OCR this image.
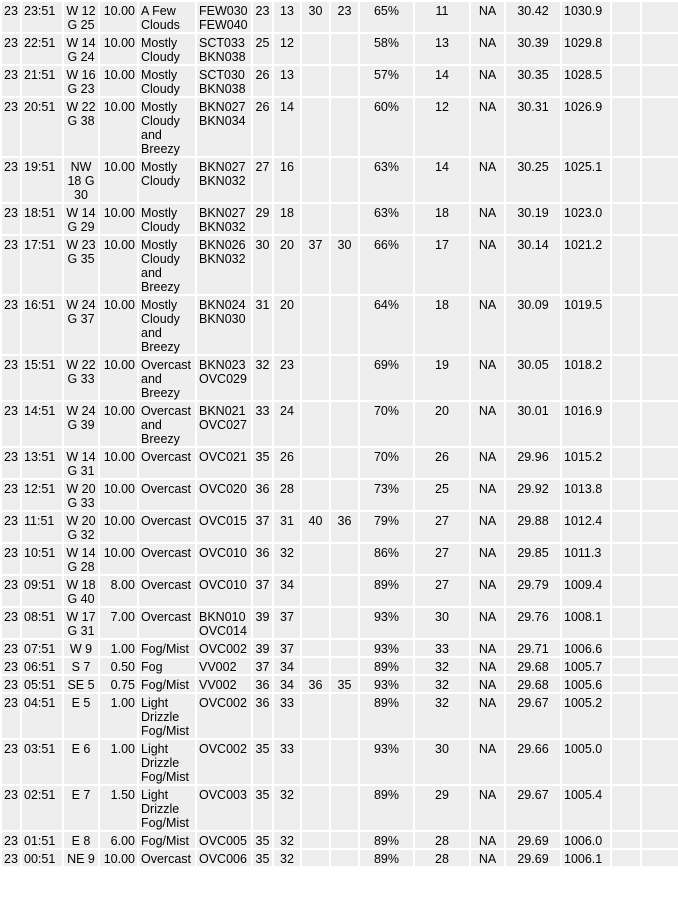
23	23:51	W 12 G 25	10.00	A Few Clouds	FEW030 FEW040	23	13	30	23	65%	11	NA	30.42	1030.9		
23	22:51	W 14 G 24	10.00	Mostly Cloudy	SCT033 BKN038	25	12			58%	13	NA	30.39	1029.8		
23	21:51	W 16 G 23	10.00	Mostly Cloudy	SCT030 BKN038	26	13			57%	14	NA	30.35	1028.5		
23	20:51	W 22 G 38	10.00	Mostly Cloudy and Breezy	BKN027 BKN034	26	14			60%	12	NA	30.31	1026.9		
23	19:51	NW 18 G 30	10.00	Mostly Cloudy	BKN027 BKN032	27	16			63%	14	NA	30.25	1025.1		
23	18:51	W 14 G 29	10.00	Mostly Cloudy	BKN027 BKN032	29	18			63%	18	NA	30.19	1023.0		
23	17:51	W 23 G 35	10.00	Mostly Cloudy and Breezy	BKN026 BKN032	30	20	37	30	66%	17	NA	30.14	1021.2		
23	16:51	W 24 G 37	10.00	Mostly Cloudy and Breezy	BKN024 BKN030	31	20			64%	18	NA	30.09	1019.5		
23	15:51	W 22 G 33	10.00	Overcast and Breezy	BKN023 OVC029	32	23			69%	19	NA	30.05	1018.2		
23	14:51	W 24 G 39	10.00	Overcast and Breezy	BKN021 OVC027	33	24			70%	20	NA	30.01	1016.9		
23	13:51	W 14 G 31	10.00	Overcast	OVC021	35	26			70%	26	NA	29.96	1015.2		
23	12:51	W 20 G 33	10.00	Overcast	OVC020	36	28			73%	25	NA	29.92	1013.8		
23	11:51	W 20 G 32	10.00	Overcast	OVC015	37	31	40	36	79%	27	NA	29.88	1012.4		
23	10:51	W 14 G 28	10.00	Overcast	OVC010	36	32			86%	27	NA	29.85	1011.3		
23	09:51	W 18 G 40	8.00	Overcast	OVC010	37	34			89%	27	NA	29.79	1009.4		
23	08:51	W 17 G 31	7.00	Overcast	BKN010 OVC014	39	37			93%	30	NA	29.76	1008.1		
23	07:51	W 9	1.00	Fog/Mist	OVC002	39	37			93%	33	NA	29.71	1006.6		
23	06:51	S 7	0.50	Fog	VV002	37	34			89%	32	NA	29.68	1005.7		
23	05:51	SE 5	0.75	Fog/Mist	VV002	36	34	36	35	93%	32	NA	29.68	1005.6		
23	04:51	E 5	1.00	Light Drizzle Fog/Mist	OVC002	36	33			89%	32	NA	29.67	1005.2		
23	03:51	E 6	1.00	Light Drizzle Fog/Mist	OVC002	35	33			93%	30	NA	29.66	1005.0		
23	02:51	E 7	1.50	Light Drizzle Fog/Mist	OVC003	35	32			89%	29	NA	29.67	1005.4		
23	01:51	E 8	6.00	Fog/Mist	OVC005	35	32			89%	28	NA	29.69	1006.0		
23	00:51	NE 9	10.00	Overcast	OVC006	35	32			89%	28	NA	29.69	1006.1		
